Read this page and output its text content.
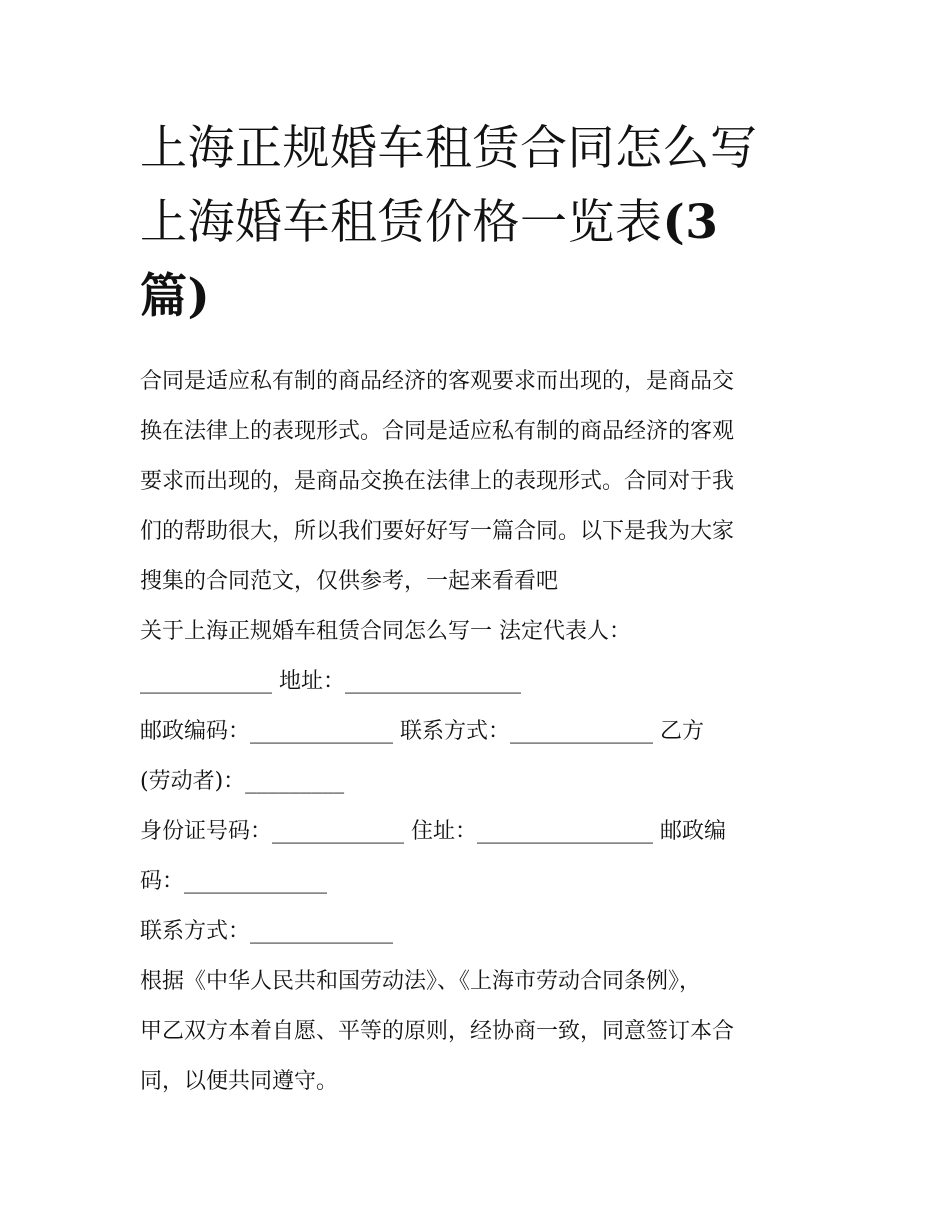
上海正规婚车租赁合同怎么写
上海婚车租赁价格一览表(3
篇)

合同是适应私有制的商品经济的客观要求而出现的，是商品交
换在法律上的表现形式。合同是适应私有制的商品经济的客观
要求而出现的，是商品交换在法律上的表现形式。合同对于我
们的帮助很大，所以我们要好好写一篇合同。以下是我为大家
搜集的合同范文，仅供参考，一起来看看吧

关于上海正规婚车租赁合同怎么写一 法定代表人：
____________ 地址：________________
邮政编码：_____________ 联系方式：_____________ 乙方
(劳动者)：_________
身份证号码：____________ 住址：________________ 邮政编
码：_____________
联系方式：_____________
根据《中华人民共和国劳动法》、《上海市劳动合同条例》，
甲乙双方本着自愿、平等的原则，经协商一致，同意签订本合
同，以便共同遵守。
